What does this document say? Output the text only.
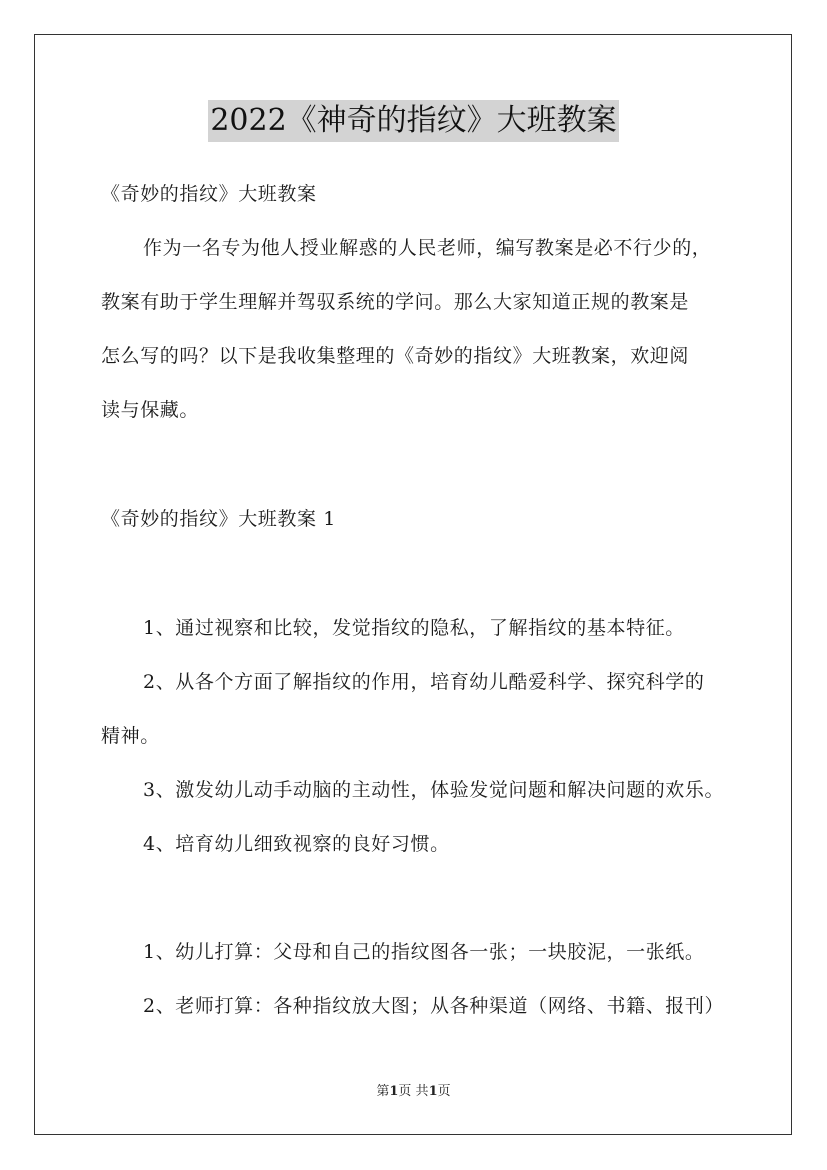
2022《神奇的指纹》大班教案
《奇妙的指纹》大班教案
作为一名专为他人授业解惑的人民老师，编写教案是必不行少的，
教案有助于学生理解并驾驭系统的学问。那么大家知道正规的教案是
怎么写的吗？以下是我收集整理的《奇妙的指纹》大班教案，欢迎阅
读与保藏。
《奇妙的指纹》大班教案 1
1、通过视察和比较，发觉指纹的隐私，了解指纹的基本特征。
2、从各个方面了解指纹的作用，培育幼儿酷爱科学、探究科学的
精神。
3、激发幼儿动手动脑的主动性，体验发觉问题和解决问题的欢乐。
4、培育幼儿细致视察的良好习惯。
1、幼儿打算：父母和自己的指纹图各一张；一块胶泥，一张纸。
2、老师打算：各种指纹放大图；从各种渠道（网络、书籍、报刊）
第1页 共1页
